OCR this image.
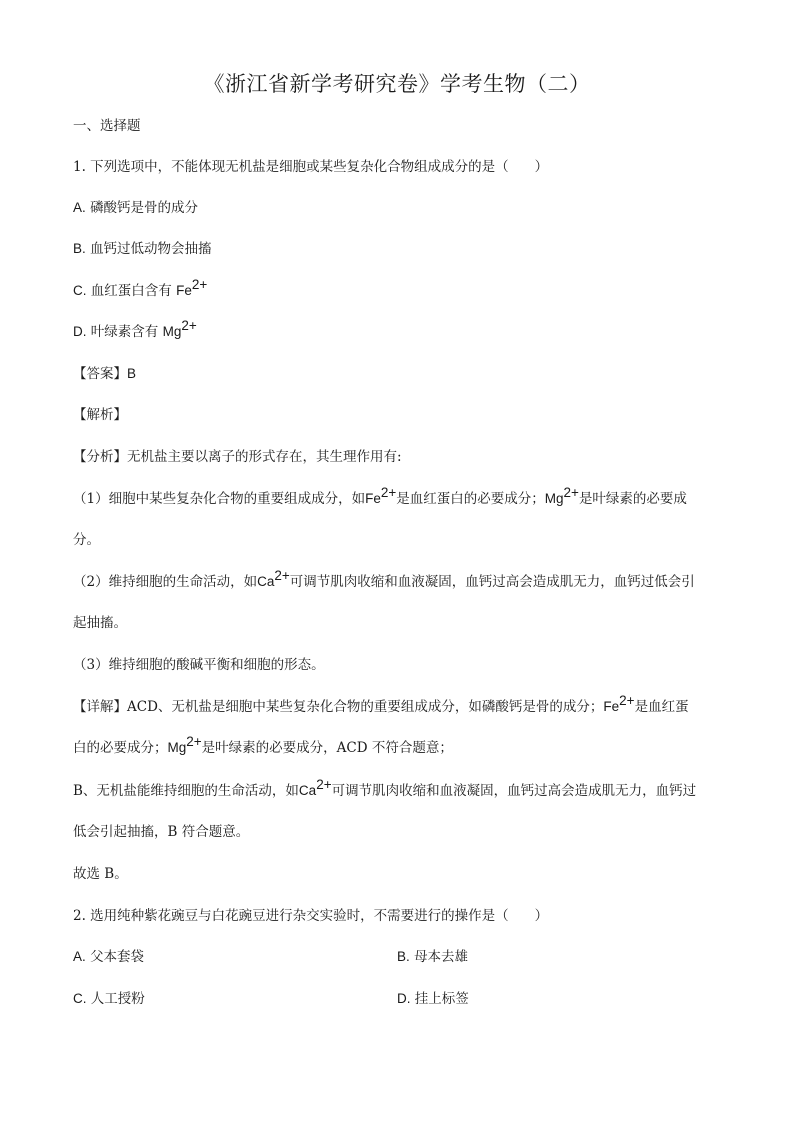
《浙江省新学考研究卷》学考生物（二）
一、选择题
1. 下列选项中，不能体现无机盐是细胞或某些复杂化合物组成成分的是（ ）
A. 磷酸钙是骨的成分
B. 血钙过低动物会抽搐
C. 血红蛋白含有 $Fe^{2+}$
D. 叶绿素含有 $Mg^{2+}$
【答案】B
【解析】
【分析】无机盐主要以离子的形式存在，其生理作用有:
（1）细胞中某些复杂化合物的重要组成成分，如$Fe^{2+}$是血红蛋白的必要成分；$Mg^{2+}$是叶绿素的必要成
分。
（2）维持细胞的生命活动，如$Ca^{2+}$可调节肌肉收缩和血液凝固，血钙过高会造成肌无力，血钙过低会引
起抽搐。
（3）维持细胞的酸碱平衡和细胞的形态。
【详解】ACD、无机盐是细胞中某些复杂化合物的重要组成成分，如磷酸钙是骨的成分；$Fe^{2+}$是血红蛋
白的必要成分；$Mg^{2+}$是叶绿素的必要成分，ACD 不符合题意；
B、无机盐能维持细胞的生命活动，如$Ca^{2+}$可调节肌肉收缩和血液凝固，血钙过高会造成肌无力，血钙过
低会引起抽搐，B 符合题意。
故选 B。
2. 选用纯种紫花豌豆与白花豌豆进行杂交实验时，不需要进行的操作是（ ）
A. 父本套袋	B. 母本去雄
C. 人工授粉	D. 挂上标签
